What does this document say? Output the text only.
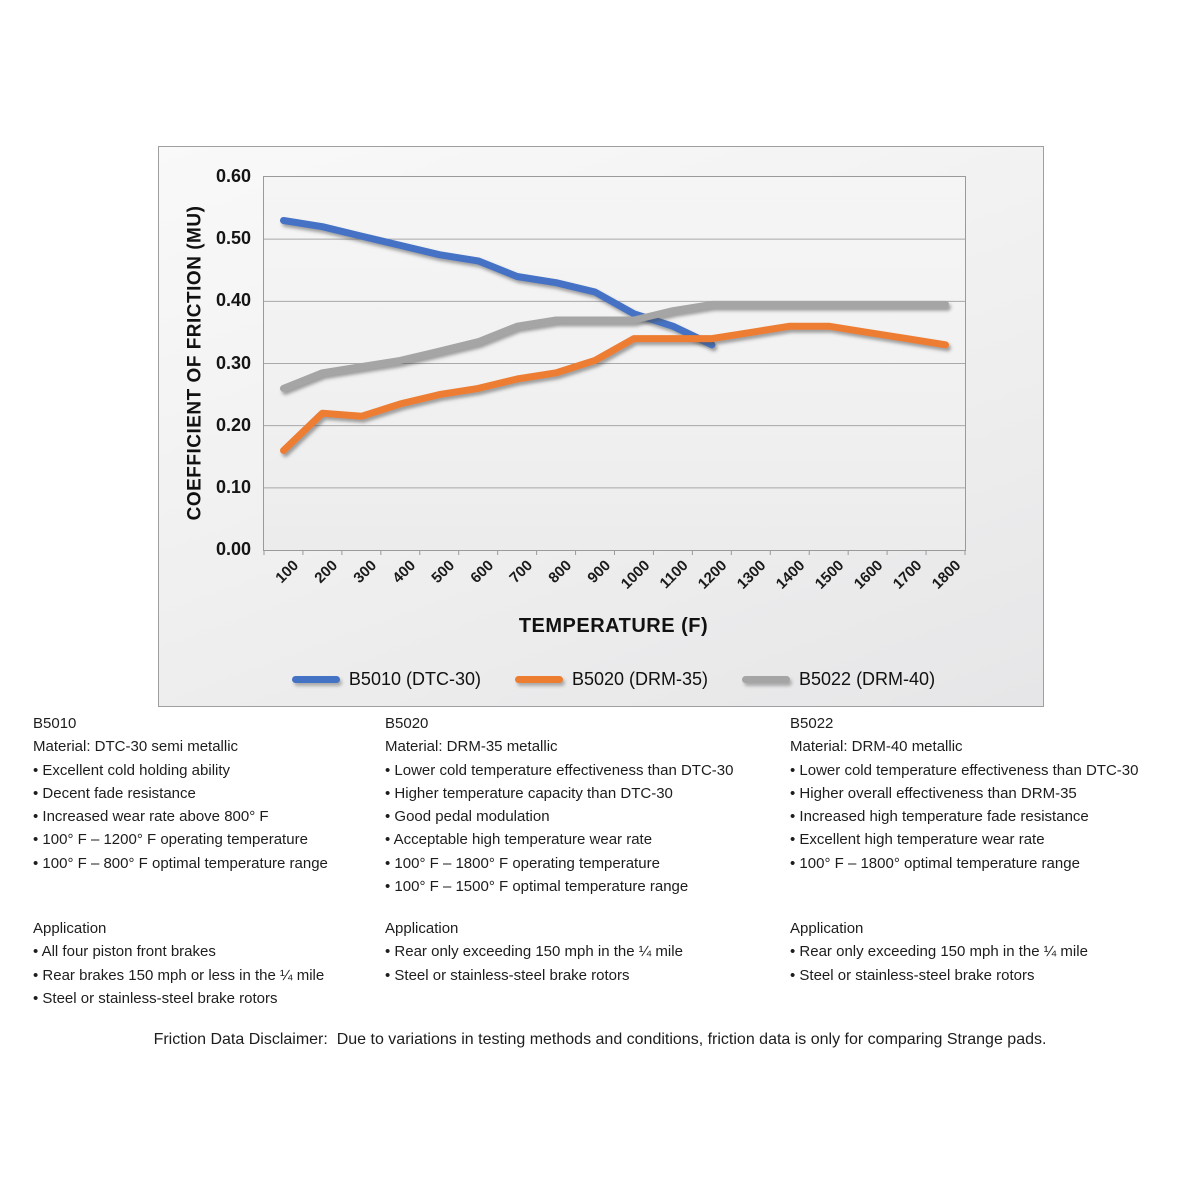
COEFFICIENT OF FRICTION (MU)
0.00
0.10
0.20
0.30
0.40
0.50
0.60
100 200 300 400 500 600 700 800 900 1000 1100 1200 1300 1400 1500 1600 1700 1800
TEMPERATURE (F)
B5010 (DTC-30)	B5020 (DRM-35)	B5022 (DRM-40)
B5010
Material: DTC-30 semi metallic
• Excellent cold holding ability
• Decent fade resistance
• Increased wear rate above 800° F
• 100° F – 1200° F operating temperature
• 100° F – 800° F optimal temperature range
Application
• All four piston front brakes
• Rear brakes 150 mph or less in the ¼ mile
• Steel or stainless-steel brake rotors
B5020
Material: DRM-35 metallic
• Lower cold temperature effectiveness than DTC-30
• Higher temperature capacity than DTC-30
• Good pedal modulation
• Acceptable high temperature wear rate
• 100° F – 1800° F operating temperature
• 100° F – 1500° F optimal temperature range
Application
• Rear only exceeding 150 mph in the ¼ mile
• Steel or stainless-steel brake rotors
B5022
Material: DRM-40 metallic
• Lower cold temperature effectiveness than DTC-30
• Higher overall effectiveness than DRM-35
• Increased high temperature fade resistance
• Excellent high temperature wear rate
• 100° F – 1800° optimal temperature range
Application
• Rear only exceeding 150 mph in the ¼ mile
• Steel or stainless-steel brake rotors
Friction Data Disclaimer:  Due to variations in testing methods and conditions, friction data is only for comparing Strange pads.
